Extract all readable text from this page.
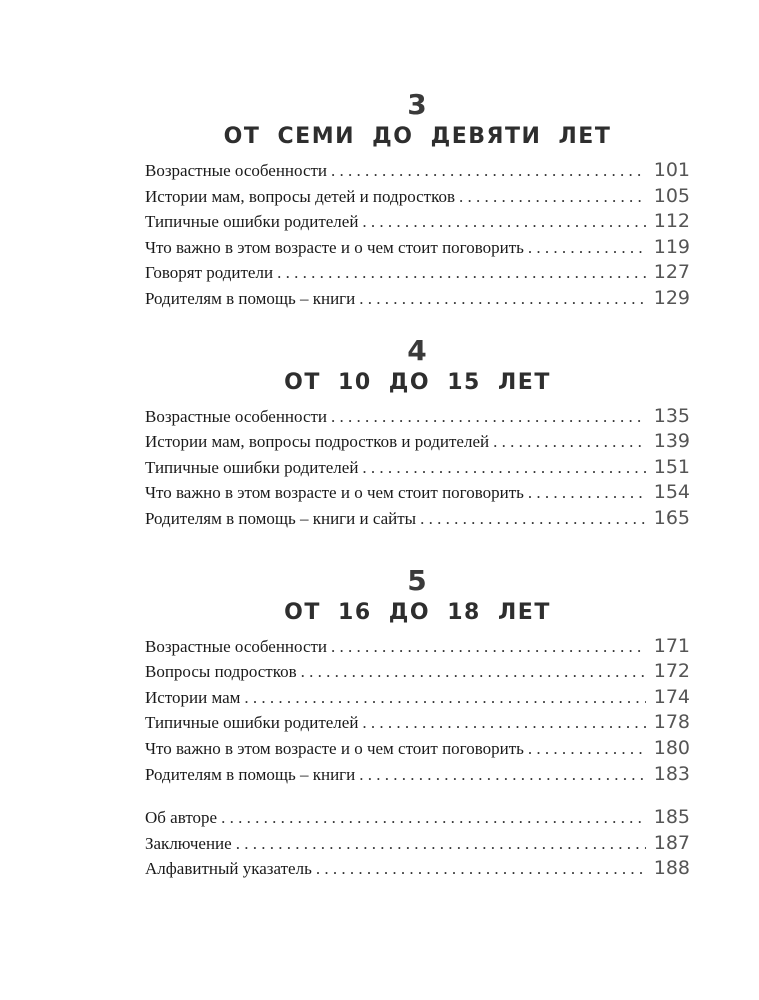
3
ОТ СЕМИ ДО ДЕВЯТИ ЛЕТ
Возрастные особенности . . .	101
Истории мам, вопросы детей и подростков . . .	105
Типичные ошибки родителей . . .	112
Что важно в этом возрасте и о чем стоит поговорить . . .	119
Говорят родители . . .	127
Родителям в помощь – книги . . .	129
4
ОТ 10 ДО 15 ЛЕТ
Возрастные особенности . . .	135
Истории мам, вопросы подростков и родителей . . .	139
Типичные ошибки родителей . . .	151
Что важно в этом возрасте и о чем стоит поговорить . . .	154
Родителям в помощь – книги и сайты . . .	165
5
ОТ 16 ДО 18 ЛЕТ
Возрастные особенности . . .	171
Вопросы подростков . . .	172
Истории мам . . .	174
Типичные ошибки родителей . . .	178
Что важно в этом возрасте и о чем стоит поговорить . . .	180
Родителям в помощь – книги . . .	183
Об авторе . . .	185
Заключение . . .	187
Алфавитный указатель . . .	188
